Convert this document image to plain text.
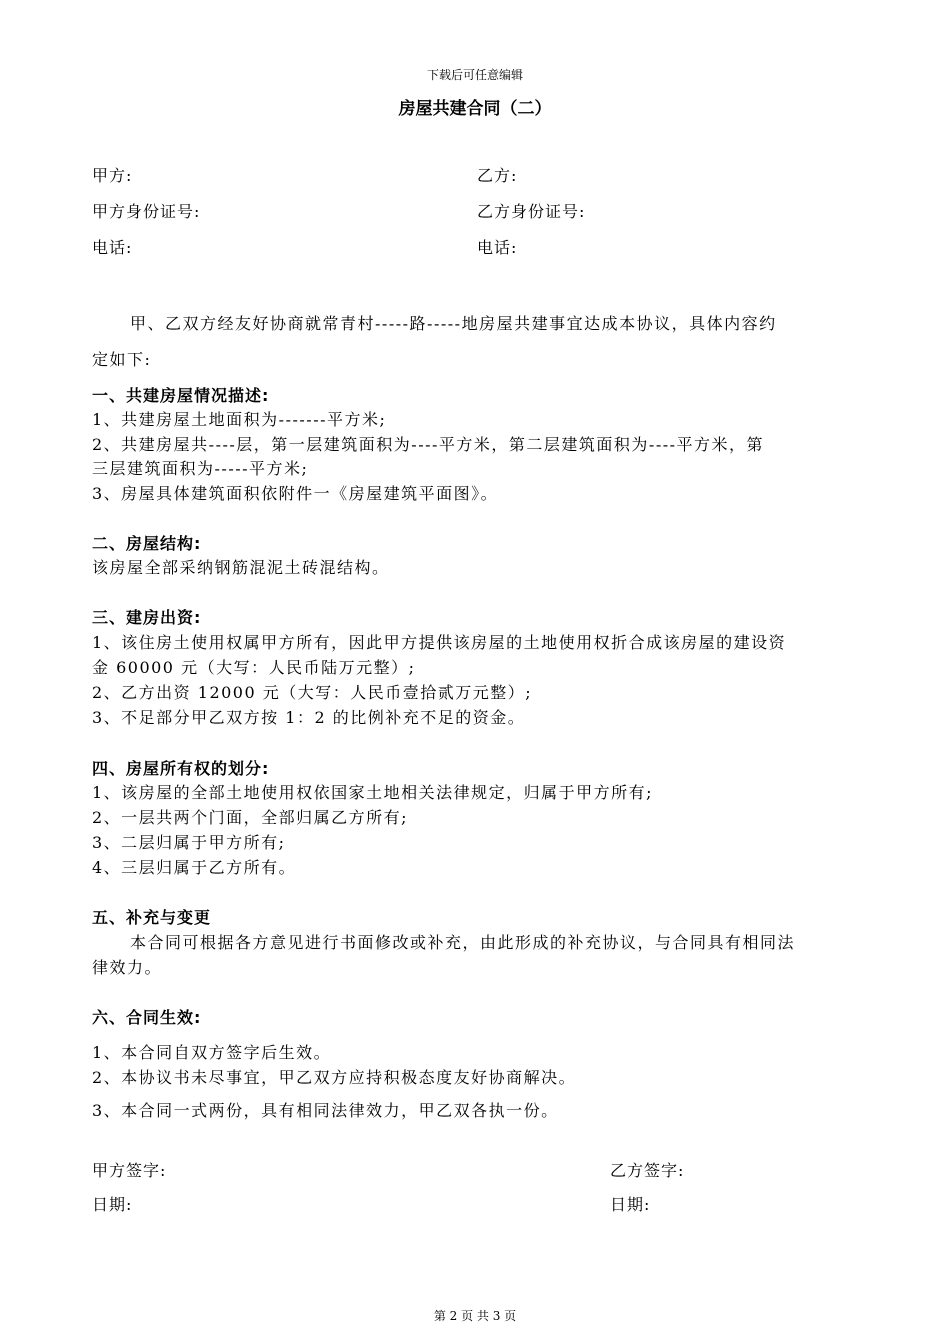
下载后可任意编辑
房屋共建合同（二）
甲方:	乙方:
甲方身份证号:	乙方身份证号:
电话:	电话:
甲、乙双方经友好协商就常青村-----路-----地房屋共建事宜达成本协议，具体内容约
定如下:
一、共建房屋情况描述:
1、共建房屋土地面积为-------平方米;
2、共建房屋共----层，第一层建筑面积为----平方米，第二层建筑面积为----平方米，第
三层建筑面积为-----平方米;
3、房屋具体建筑面积依附件一《房屋建筑平面图》。
二、房屋结构:
该房屋全部采纳钢筋混泥土砖混结构。
三、建房出资:
1、该住房土使用权属甲方所有，因此甲方提供该房屋的土地使用权折合成该房屋的建设资
金 60000 元（大写：人民币陆万元整）;
2、乙方出资 12000 元（大写：人民币壹拾贰万元整）;
3、不足部分甲乙双方按 1：2 的比例补充不足的资金。
四、房屋所有权的划分:
1、该房屋的全部土地使用权依国家土地相关法律规定，归属于甲方所有;
2、一层共两个门面，全部归属乙方所有;
3、二层归属于甲方所有;
4、三层归属于乙方所有。
五、补充与变更
本合同可根据各方意见进行书面修改或补充，由此形成的补充协议，与合同具有相同法
律效力。
六、合同生效:
1、本合同自双方签字后生效。
2、本协议书未尽事宜，甲乙双方应持积极态度友好协商解决。
3、本合同一式两份，具有相同法律效力，甲乙双各执一份。
甲方签字:	乙方签字:
日期:	日期:
第 2 页 共 3 页
